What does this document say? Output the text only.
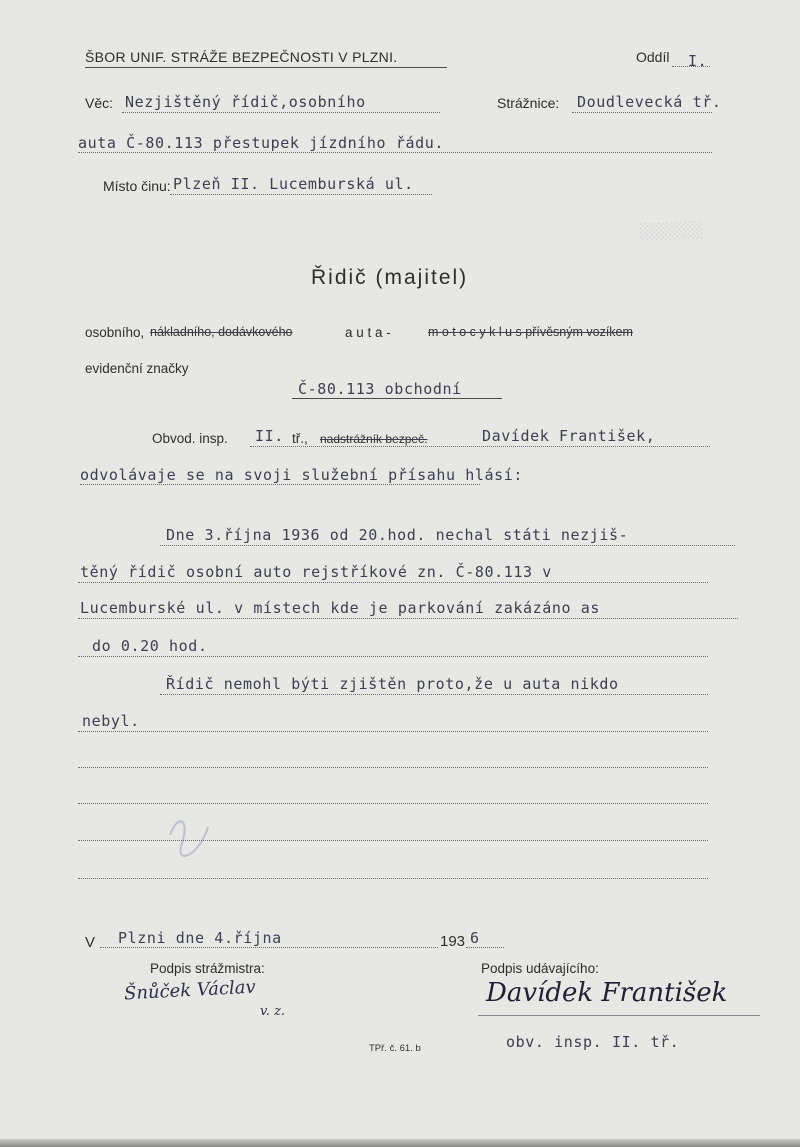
░░░░░░░
ŠBOR UNIF. STRÁŽE BEZPEČNOSTI V PLZNI.	Oddíl I.
Věc: Nezjištěný řídič,osobního	Strážnice: Doudlevecká tř.
auta Č-80.113 přestupek jízdního řádu.
Místo činu: Plzeň II. Lucemburská ul.
Řidič (majitel)
osobního, nákladního, dodávkového	a u t a -	m o t o c y k l u s přívěsným vozíkem
evidenční značky
Č-80.113 obchodní
Obvod. insp. II. tř., nadstrážník bezpeč.	Davídek František,
odvolávaje se na svoji služební přísahu hlásí:
Dne 3.října 1936 od 20.hod. nechal státi nezjiš-
těný řídič osobní auto rejstříkové zn. Č-80.113 v
Lucemburské ul. v místech kde je parkování zakázáno as
do 0.20 hod.
Řídič nemohl býti zjištěn proto,že u auta nikdo
nebyl.
V Plzni dne 4.října	193 6
Podpis strážmistra:
Šnůček Václav
v. z.
Podpis udávajícího:
Davídek František
obv. insp. II. tř.
TPř. č. 61. b
